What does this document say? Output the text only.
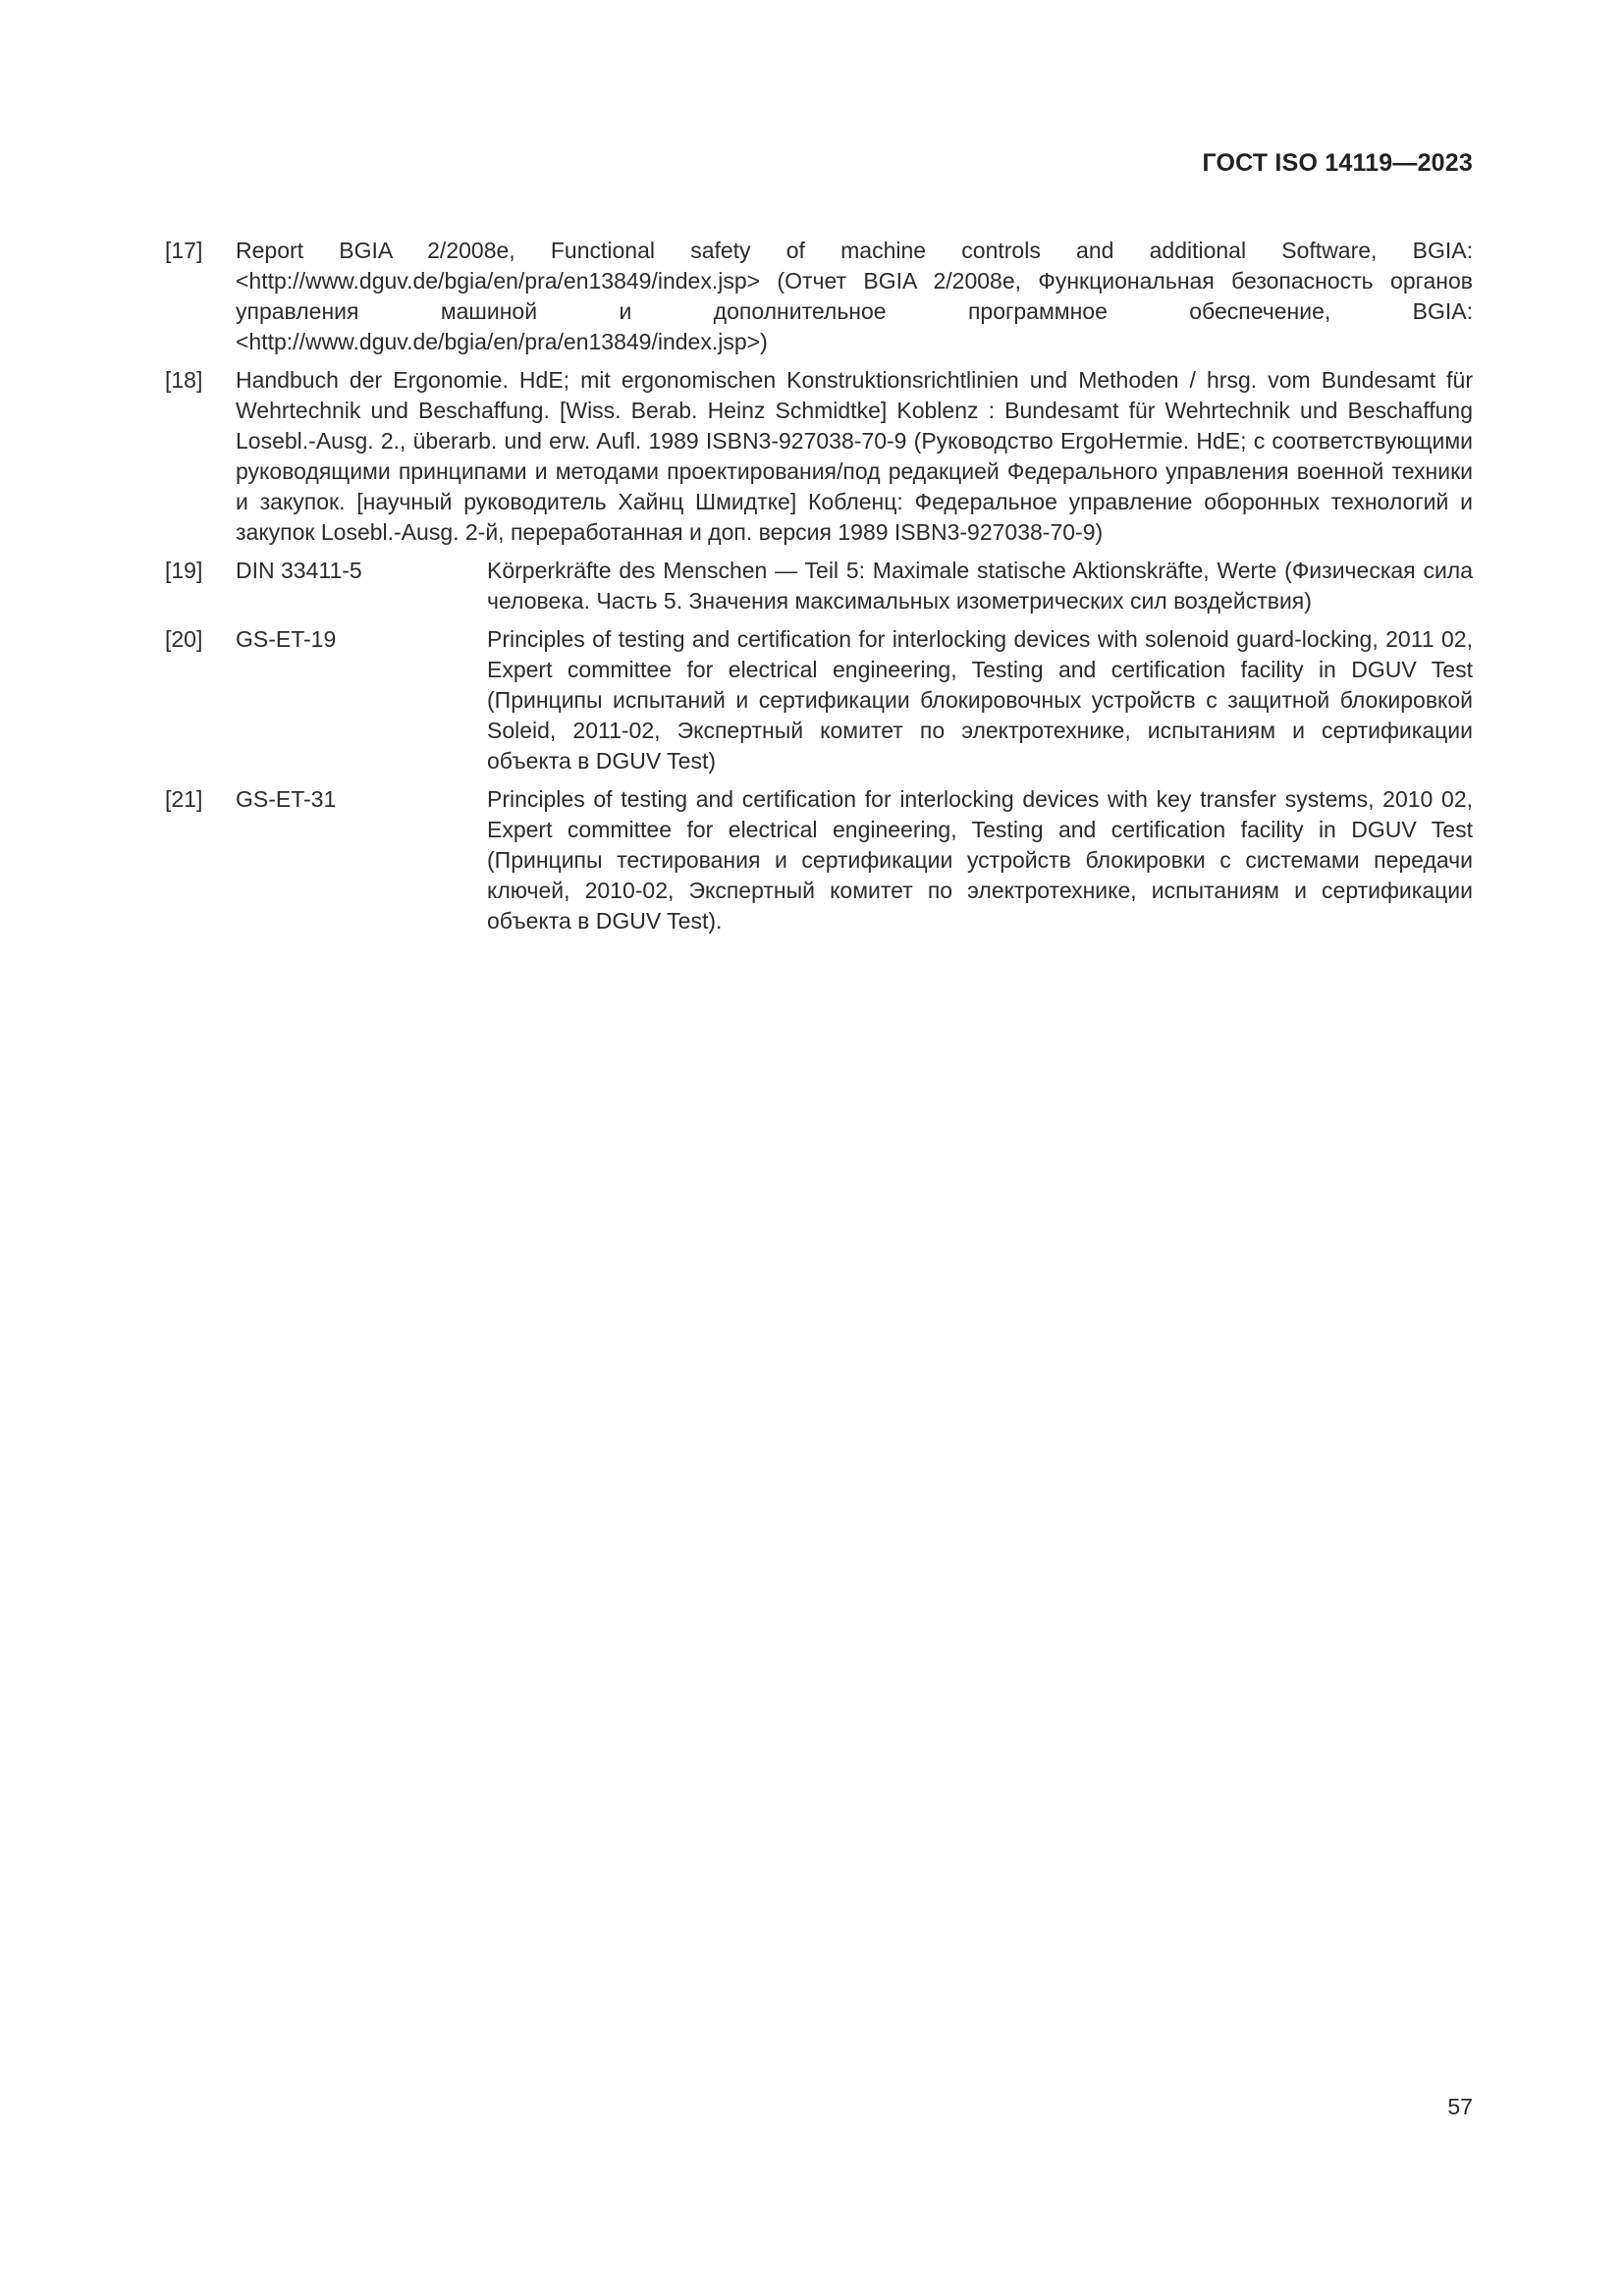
ГОСТ ISO 14119—2023
[17]	Report BGIA 2/2008e, Functional safety of machine controls and additional Software, BGIA: <http://www.dguv.de/bgia/en/pra/en13849/index.jsp> (Отчет BGIA 2/2008e, Функциональная безопасность органов управления машиной и дополнительное программное обеспечение, BGIA: <http://www.dguv.de/bgia/en/pra/en13849/index.jsp>)
[18]	Handbuch der Ergonomie. HdE; mit ergonomischen Konstruktionsrichtlinien und Methoden / hrsg. vom Bundesamt für Wehrtechnik und Beschaffung. [Wiss. Berab. Heinz Schmidtke] Koblenz : Bundesamt für Wehrtechnik und Beschaffung Losebl.-Ausg. 2., überarb. und erw. Aufl. 1989 ISBN3-927038-70-9 (Руководство ErgoHетmie. HdE; с соответствующими руководящими принципами и методами проектирования/под редакцией Федерального управления военной техники и закупок. [научный руководитель Хайнц Шмидтке] Кобленц: Федеральное управление оборонных технологий и закупок Losebl.-Ausg. 2-й, переработанная и доп. версия 1989 ISBN3-927038-70-9)
[19]	DIN 33411-5	Körperkräfte des Menschen — Teil 5: Maximale statische Aktionskräfte, Werte (Физическая сила человека. Часть 5. Значения максимальных изометрических сил воздействия)
[20]	GS-ET-19	Principles of testing and certification for interlocking devices with solenoid guard-locking, 2011 02, Expert committee for electrical engineering, Testing and certification facility in DGUV Test (Принципы испытаний и сертификации блокировочных устройств с защитной блокировкой Soleid, 2011-02, Экспертный комитет по электротехнике, испытаниям и сертификации объекта в DGUV Test)
[21]	GS-ET-31	Principles of testing and certification for interlocking devices with key transfer systems, 2010 02, Expert committee for electrical engineering, Testing and certification facility in DGUV Test (Принципы тестирования и сертификации устройств блокировки с системами передачи ключей, 2010-02, Экспертный комитет по электротехнике, испытаниям и сертификации объекта в DGUV Test).
57
